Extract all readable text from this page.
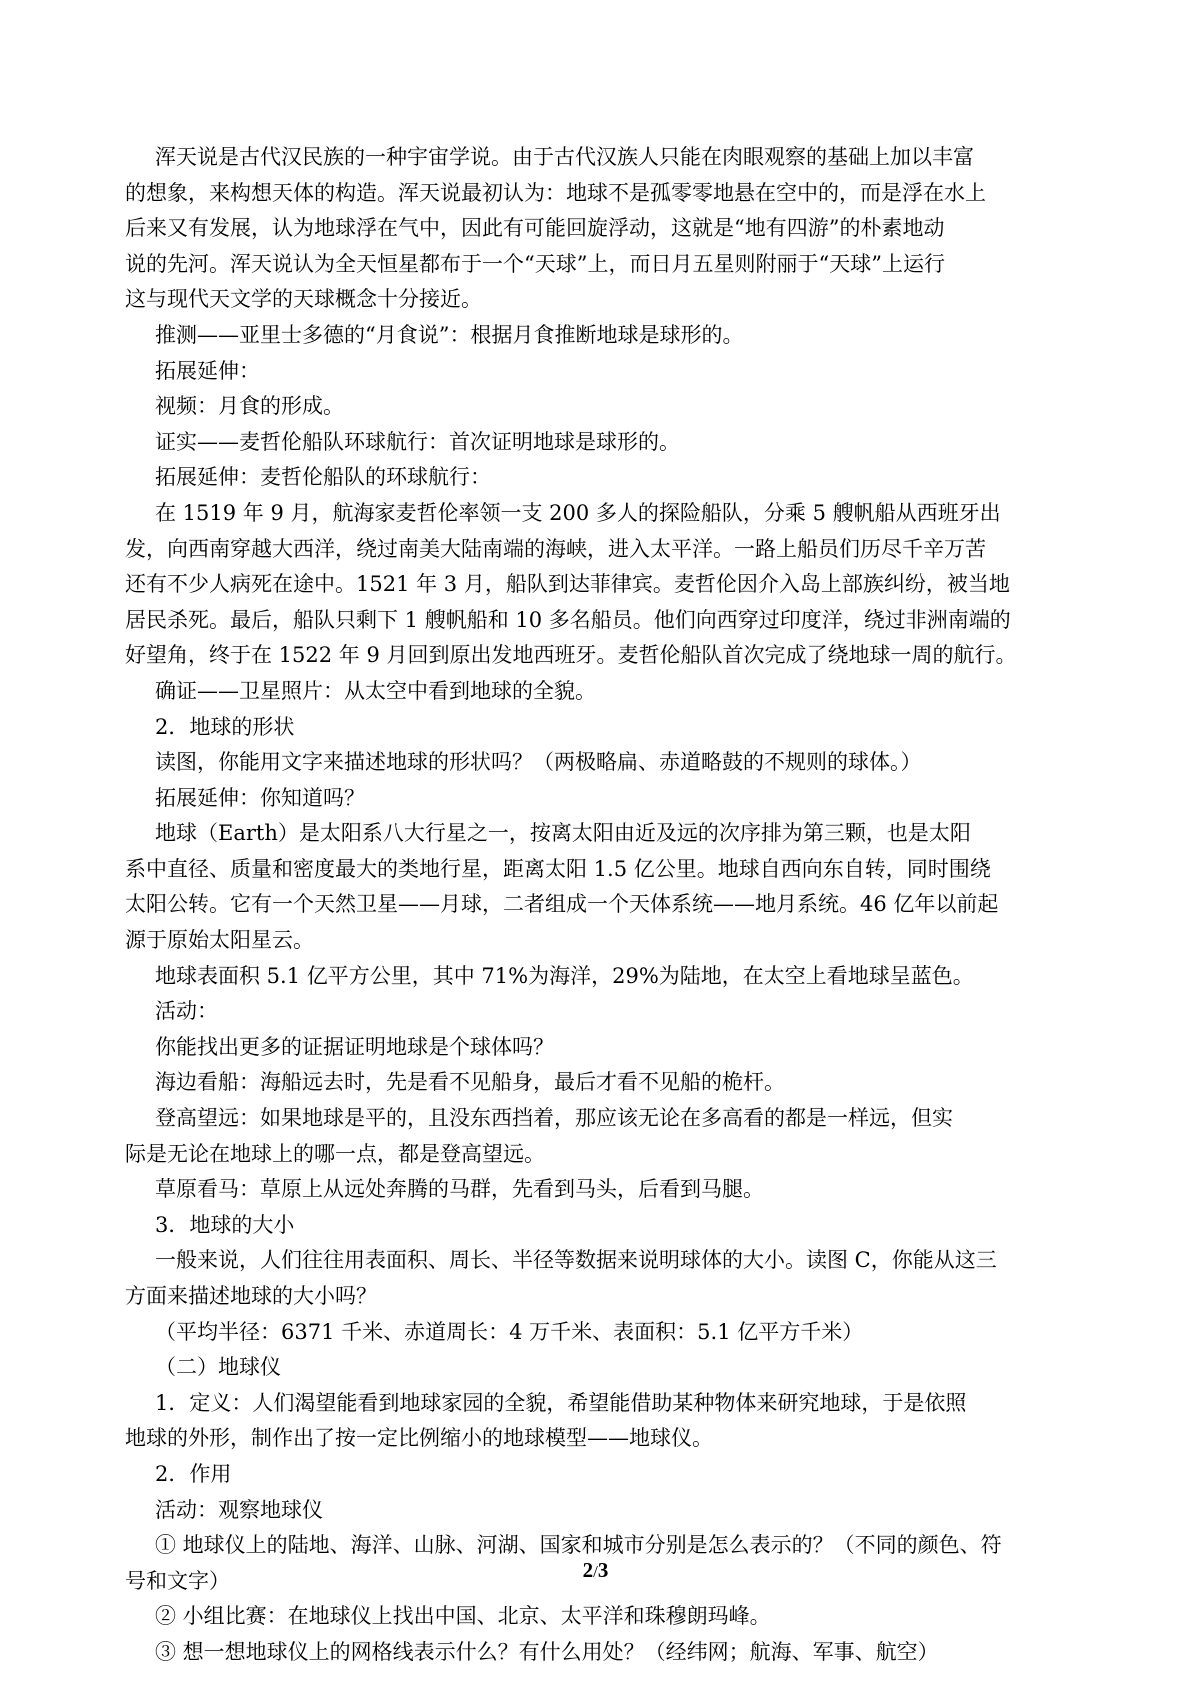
浑天说是古代汉民族的一种宇宙学说。由于古代汉族人只能在肉眼观察的基础上加以丰富
的想象，来构想天体的构造。浑天说最初认为：地球不是孤零零地悬在空中的，而是浮在水上
后来又有发展，认为地球浮在气中，因此有可能回旋浮动，这就是“地有四游”的朴素地动
说的先河。浑天说认为全天恒星都布于一个“天球”上，而日月五星则附丽于“天球”上运行
这与现代天文学的天球概念十分接近。
推测——亚里士多德的“月食说”：根据月食推断地球是球形的。
拓展延伸：
视频：月食的形成。
证实——麦哲伦船队环球航行：首次证明地球是球形的。
拓展延伸：麦哲伦船队的环球航行：
在 1519 年 9 月，航海家麦哲伦率领一支 200 多人的探险船队，分乘 5 艘帆船从西班牙出
发，向西南穿越大西洋，绕过南美大陆南端的海峡，进入太平洋。一路上船员们历尽千辛万苦
还有不少人病死在途中。1521 年 3 月，船队到达菲律宾。麦哲伦因介入岛上部族纠纷，被当地
居民杀死。最后，船队只剩下 1 艘帆船和 10 多名船员。他们向西穿过印度洋，绕过非洲南端的
好望角，终于在 1522 年 9 月回到原出发地西班牙。麦哲伦船队首次完成了绕地球一周的航行。
确证——卫星照片：从太空中看到地球的全貌。
2．地球的形状
读图，你能用文字来描述地球的形状吗？（两极略扁、赤道略鼓的不规则的球体。）
拓展延伸：你知道吗？
地球（Earth）是太阳系八大行星之一，按离太阳由近及远的次序排为第三颗，也是太阳
系中直径、质量和密度最大的类地行星，距离太阳 1.5 亿公里。地球自西向东自转，同时围绕
太阳公转。它有一个天然卫星——月球，二者组成一个天体系统——地月系统。46 亿年以前起
源于原始太阳星云。
地球表面积 5.1 亿平方公里，其中 71%为海洋，29%为陆地，在太空上看地球呈蓝色。
活动：
你能找出更多的证据证明地球是个球体吗？
海边看船：海船远去时，先是看不见船身，最后才看不见船的桅杆。
登高望远：如果地球是平的，且没东西挡着，那应该无论在多高看的都是一样远，但实
际是无论在地球上的哪一点，都是登高望远。
草原看马：草原上从远处奔腾的马群，先看到马头，后看到马腿。
3．地球的大小
一般来说，人们往往用表面积、周长、半径等数据来说明球体的大小。读图 C，你能从这三
方面来描述地球的大小吗？
（平均半径：6371 千米、赤道周长：4 万千米、表面积：5.1 亿平方千米）
（二）地球仪
1．定义：人们渴望能看到地球家园的全貌，希望能借助某种物体来研究地球，于是依照
地球的外形，制作出了按一定比例缩小的地球模型——地球仪。
2．作用
活动：观察地球仪
① 地球仪上的陆地、海洋、山脉、河湖、国家和城市分别是怎么表示的？（不同的颜色、符
号和文字）
② 小组比赛：在地球仪上找出中国、北京、太平洋和珠穆朗玛峰。
③ 想一想地球仪上的网格线表示什么？有什么用处？（经纬网；航海、军事、航空）
2/3
